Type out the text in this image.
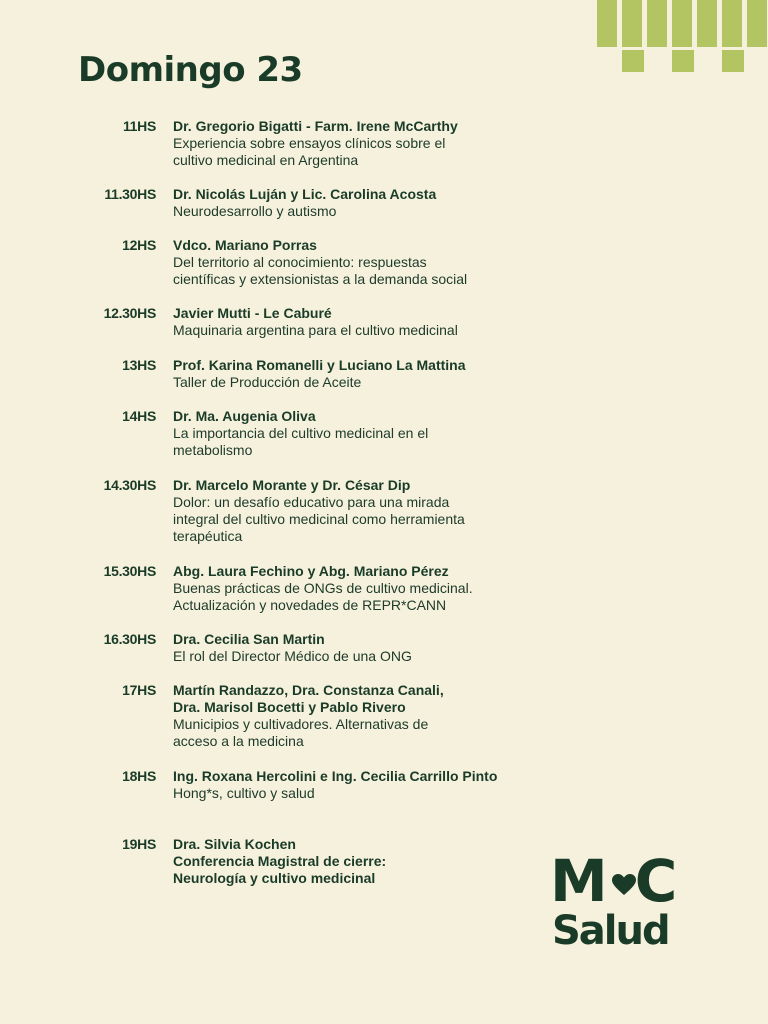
Domingo 23
11HS Dr. Gregorio Bigatti - Farm. Irene McCarthy
Experiencia sobre ensayos clínicos sobre el
cultivo medicinal en Argentina
11.30HS Dr. Nicolás Luján y Lic. Carolina Acosta
Neurodesarrollo y autismo
12HS Vdco. Mariano Porras
Del territorio al conocimiento: respuestas
científicas y extensionistas a la demanda social
12.30HS Javier Mutti - Le Caburé
Maquinaria argentina para el cultivo medicinal
13HS Prof. Karina Romanelli y Luciano La Mattina
Taller de Producción de Aceite
14HS Dr. Ma. Augenia Oliva
La importancia del cultivo medicinal en el
metabolismo
14.30HS Dr. Marcelo Morante y Dr. César Dip
Dolor: un desafío educativo para una mirada
integral del cultivo medicinal como herramienta
terapéutica
15.30HS Abg. Laura Fechino y Abg. Mariano Pérez
Buenas prácticas de ONGs de cultivo medicinal.
Actualización y novedades de REPR*CANN
16.30HS Dra. Cecilia San Martin
El rol del Director Médico de una ONG
17HS Martín Randazzo, Dra. Constanza Canali,
Dra. Marisol Bocetti y Pablo Rivero
Municipios y cultivadores. Alternativas de
acceso a la medicina
18HS Ing. Roxana Hercolini e Ing. Cecilia Carrillo Pinto
Hong*s, cultivo y salud
19HS Dra. Silvia Kochen
Conferencia Magistral de cierre:
Neurología y cultivo medicinal	M C
Salud
